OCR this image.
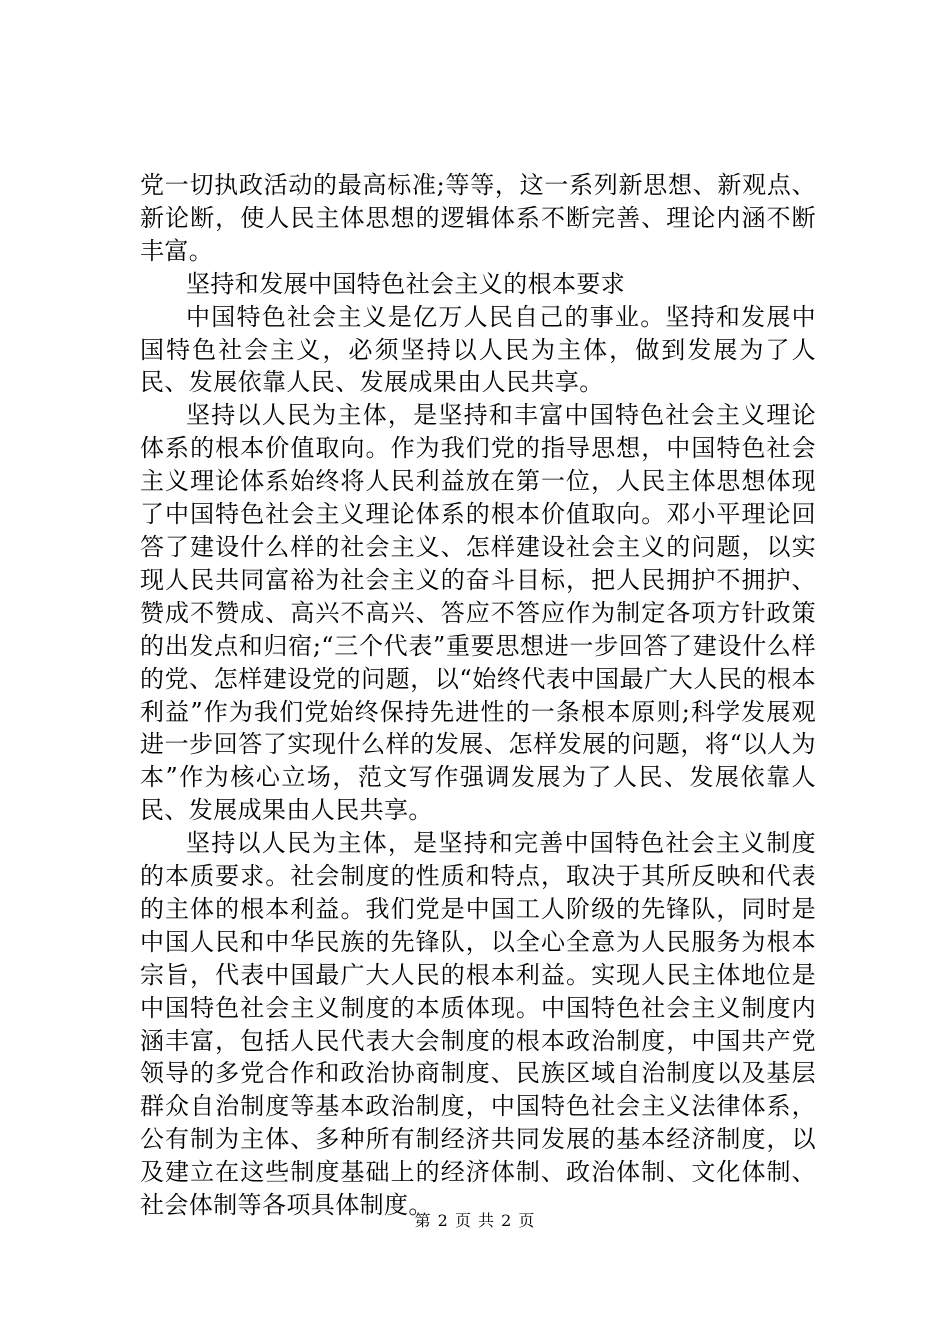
党一切执政活动的最高标准;等等，这一系列新思想、新观点、新论断，使人民主体思想的逻辑体系不断完善、理论内涵不断丰富。

坚持和发展中国特色社会主义的根本要求

中国特色社会主义是亿万人民自己的事业。坚持和发展中国特色社会主义，必须坚持以人民为主体，做到发展为了人民、发展依靠人民、发展成果由人民共享。

坚持以人民为主体，是坚持和丰富中国特色社会主义理论体系的根本价值取向。作为我们党的指导思想，中国特色社会主义理论体系始终将人民利益放在第一位，人民主体思想体现了中国特色社会主义理论体系的根本价值取向。邓小平理论回答了建设什么样的社会主义、怎样建设社会主义的问题，以实现人民共同富裕为社会主义的奋斗目标，把人民拥护不拥护、赞成不赞成、高兴不高兴、答应不答应作为制定各项方针政策的出发点和归宿;“三个代表”重要思想进一步回答了建设什么样的党、怎样建设党的问题，以“始终代表中国最广大人民的根本利益”作为我们党始终保持先进性的一条根本原则;科学发展观进一步回答了实现什么样的发展、怎样发展的问题，将“以人为本”作为核心立场，范文写作强调发展为了人民、发展依靠人民、发展成果由人民共享。

坚持以人民为主体，是坚持和完善中国特色社会主义制度的本质要求。社会制度的性质和特点，取决于其所反映和代表的主体的根本利益。我们党是中国工人阶级的先锋队，同时是中国人民和中华民族的先锋队，以全心全意为人民服务为根本宗旨，代表中国最广大人民的根本利益。实现人民主体地位是中国特色社会主义制度的本质体现。中国特色社会主义制度内涵丰富，包括人民代表大会制度的根本政治制度，中国共产党领导的多党合作和政治协商制度、民族区域自治制度以及基层群众自治制度等基本政治制度，中国特色社会主义法律体系，公有制为主体、多种所有制经济共同发展的基本经济制度，以及建立在这些制度基础上的经济体制、政治体制、文化体制、社会体制等各项具体制度。

第 2 页 共 2 页
